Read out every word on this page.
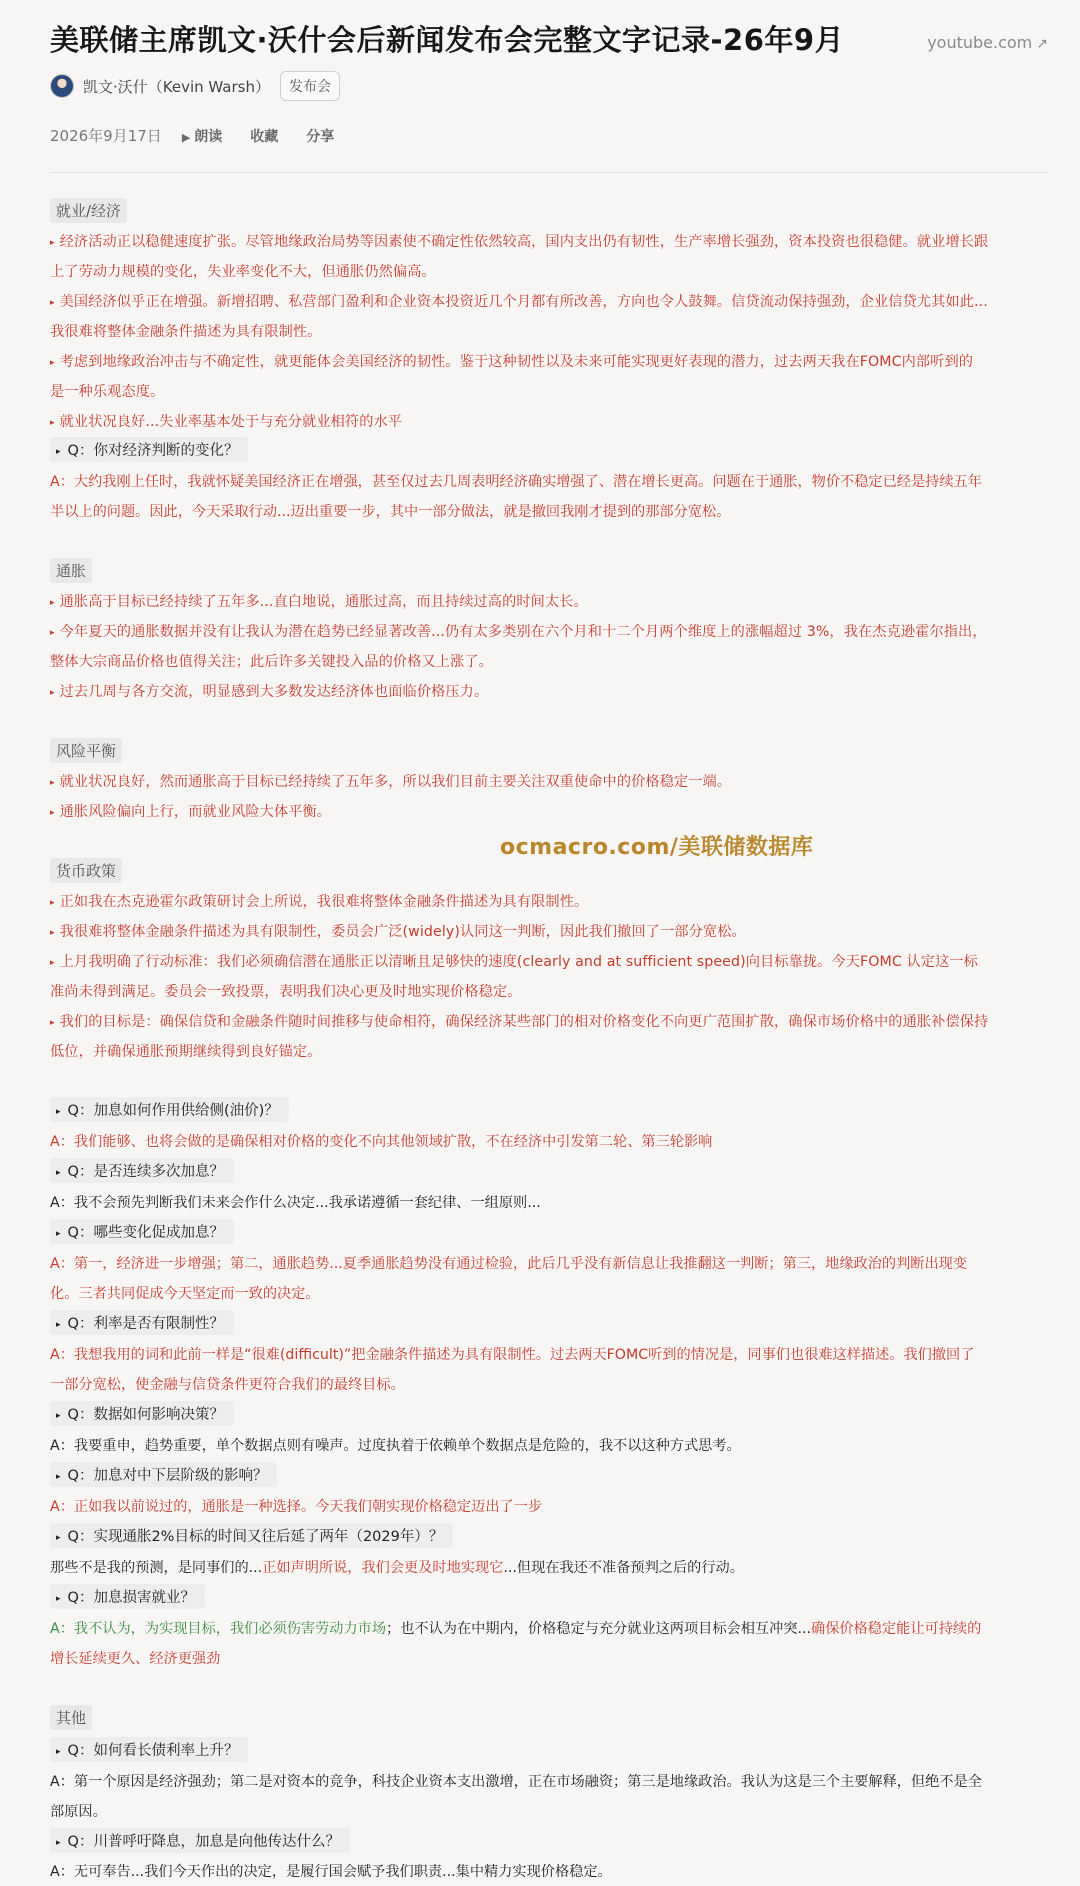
美联储主席凯文·沃什会后新闻发布会完整文字记录-26年9月	youtube.com ↗
凯文·沃什（Kevin Warsh）	发布会
2026年9月17日 ▶ 朗读 收藏 分享
就业/经济
▸ 经济活动正以稳健速度扩张。尽管地缘政治局势等因素使不确定性依然较高，国内支出仍有韧性，生产率增长强劲，资本投资也很稳健。就业增长跟
上了劳动力规模的变化，失业率变化不大，但通胀仍然偏高。
▸ 美国经济似乎正在增强。新增招聘、私营部门盈利和企业资本投资近几个月都有所改善，方向也令人鼓舞。信贷流动保持强劲，企业信贷尤其如此...
我很难将整体金融条件描述为具有限制性。
▸ 考虑到地缘政治冲击与不确定性，就更能体会美国经济的韧性。鉴于这种韧性以及未来可能实现更好表现的潜力，过去两天我在FOMC内部听到的
是一种乐观态度。
▸ 就业状况良好...失业率基本处于与充分就业相符的水平
▸ Q：你对经济判断的变化？
A：大约我刚上任时，我就怀疑美国经济正在增强，甚至仅过去几周表明经济确实增强了、潜在增长更高。问题在于通胀，物价不稳定已经是持续五年
半以上的问题。因此，今天采取行动...迈出重要一步，其中一部分做法，就是撤回我刚才提到的那部分宽松。
通胀
▸ 通胀高于目标已经持续了五年多...直白地说，通胀过高，而且持续过高的时间太长。
▸ 今年夏天的通胀数据并没有让我认为潜在趋势已经显著改善...仍有太多类别在六个月和十二个月两个维度上的涨幅超过 3%，我在杰克逊霍尔指出，
整体大宗商品价格也值得关注；此后许多关键投入品的价格又上涨了。
▸ 过去几周与各方交流，明显感到大多数发达经济体也面临价格压力。
风险平衡
▸ 就业状况良好，然而通胀高于目标已经持续了五年多，所以我们目前主要关注双重使命中的价格稳定一端。
▸ 通胀风险偏向上行，而就业风险大体平衡。
ocmacro.com/美联储数据库
货币政策
▸ 正如我在杰克逊霍尔政策研讨会上所说，我很难将整体金融条件描述为具有限制性。
▸ 我很难将整体金融条件描述为具有限制性，委员会广泛(widely)认同这一判断，因此我们撤回了一部分宽松。
▸ 上月我明确了行动标准：我们必须确信潜在通胀正以清晰且足够快的速度(clearly and at sufficient speed)向目标靠拢。今天FOMC 认定这一标
准尚未得到满足。委员会一致投票，表明我们决心更及时地实现价格稳定。
▸ 我们的目标是：确保信贷和金融条件随时间推移与使命相符，确保经济某些部门的相对价格变化不向更广范围扩散，确保市场价格中的通胀补偿保持
低位，并确保通胀预期继续得到良好锚定。
▸ Q：加息如何作用供给侧(油价)？
A：我们能够、也将会做的是确保相对价格的变化不向其他领域扩散，不在经济中引发第二轮、第三轮影响
▸ Q：是否连续多次加息？
A：我不会预先判断我们未来会作什么决定...我承诺遵循一套纪律、一组原则...
▸ Q：哪些变化促成加息？
A：第一，经济进一步增强；第二，通胀趋势...夏季通胀趋势没有通过检验，此后几乎没有新信息让我推翻这一判断；第三，地缘政治的判断出现变
化。三者共同促成今天坚定而一致的决定。
▸ Q：利率是否有限制性？
A：我想我用的词和此前一样是“很难(difficult)”把金融条件描述为具有限制性。过去两天FOMC听到的情况是，同事们也很难这样描述。我们撤回了
一部分宽松，使金融与信贷条件更符合我们的最终目标。
▸ Q：数据如何影响决策？
A：我要重申，趋势重要，单个数据点则有噪声。过度执着于依赖单个数据点是危险的，我不以这种方式思考。
▸ Q：加息对中下层阶级的影响？
A：正如我以前说过的，通胀是一种选择。今天我们朝实现价格稳定迈出了一步
▸ Q：实现通胀2%目标的时间又往后延了两年（2029年）？
那些不是我的预测，是同事们的...正如声明所说，我们会更及时地实现它...但现在我还不准备预判之后的行动。
▸ Q：加息损害就业？
A：我不认为，为实现目标，我们必须伤害劳动力市场；也不认为在中期内，价格稳定与充分就业这两项目标会相互冲突...确保价格稳定能让可持续的
增长延续更久、经济更强劲
其他
▸ Q：如何看长债利率上升？
A：第一个原因是经济强劲；第二是对资本的竞争，科技企业资本支出激增，正在市场融资；第三是地缘政治。我认为这是三个主要解释，但绝不是全
部原因。
▸ Q：川普呼吁降息，加息是向他传达什么？
A：无可奉告...我们今天作出的决定，是履行国会赋予我们职责...集中精力实现价格稳定。
